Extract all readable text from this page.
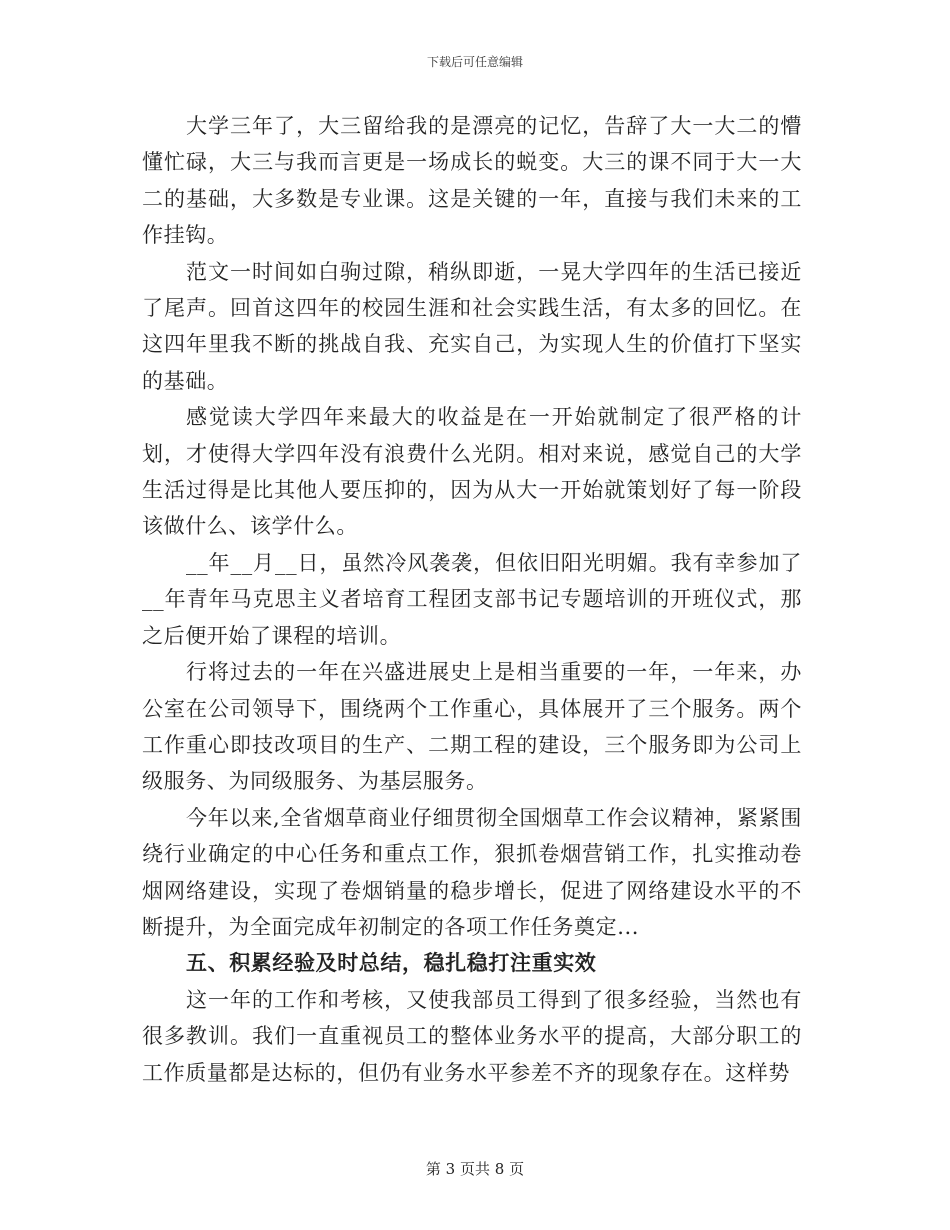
下载后可任意编辑

大学三年了，大三留给我的是漂亮的记忆，告辞了大一大二的懵懂忙碌，大三与我而言更是一场成长的蜕变。大三的课不同于大一大二的基础，大多数是专业课。这是关键的一年，直接与我们未来的工作挂钩。

范文一时间如白驹过隙，稍纵即逝，一晃大学四年的生活已接近了尾声。回首这四年的校园生涯和社会实践生活，有太多的回忆。在这四年里我不断的挑战自我、充实自己，为实现人生的价值打下坚实的基础。

感觉读大学四年来最大的收益是在一开始就制定了很严格的计划，才使得大学四年没有浪费什么光阴。相对来说，感觉自己的大学生活过得是比其他人要压抑的，因为从大一开始就策划好了每一阶段该做什么、该学什么。

__年__月__日，虽然冷风袭袭，但依旧阳光明媚。我有幸参加了__年青年马克思主义者培育工程团支部书记专题培训的开班仪式，那之后便开始了课程的培训。

行将过去的一年在兴盛进展史上是相当重要的一年，一年来，办公室在公司领导下，围绕两个工作重心，具体展开了三个服务。两个工作重心即技改项目的生产、二期工程的建设，三个服务即为公司上级服务、为同级服务、为基层服务。

今年以来,全省烟草商业仔细贯彻全国烟草工作会议精神，紧紧围绕行业确定的中心任务和重点工作，狠抓卷烟营销工作，扎实推动卷烟网络建设，实现了卷烟销量的稳步增长，促进了网络建设水平的不断提升，为全面完成年初制定的各项工作任务奠定...

五、积累经验及时总结，稳扎稳打注重实效

这一年的工作和考核，又使我部员工得到了很多经验，当然也有很多教训。我们一直重视员工的整体业务水平的提高，大部分职工的工作质量都是达标的，但仍有业务水平参差不齐的现象存在。这样势

第 3 页共 8 页
